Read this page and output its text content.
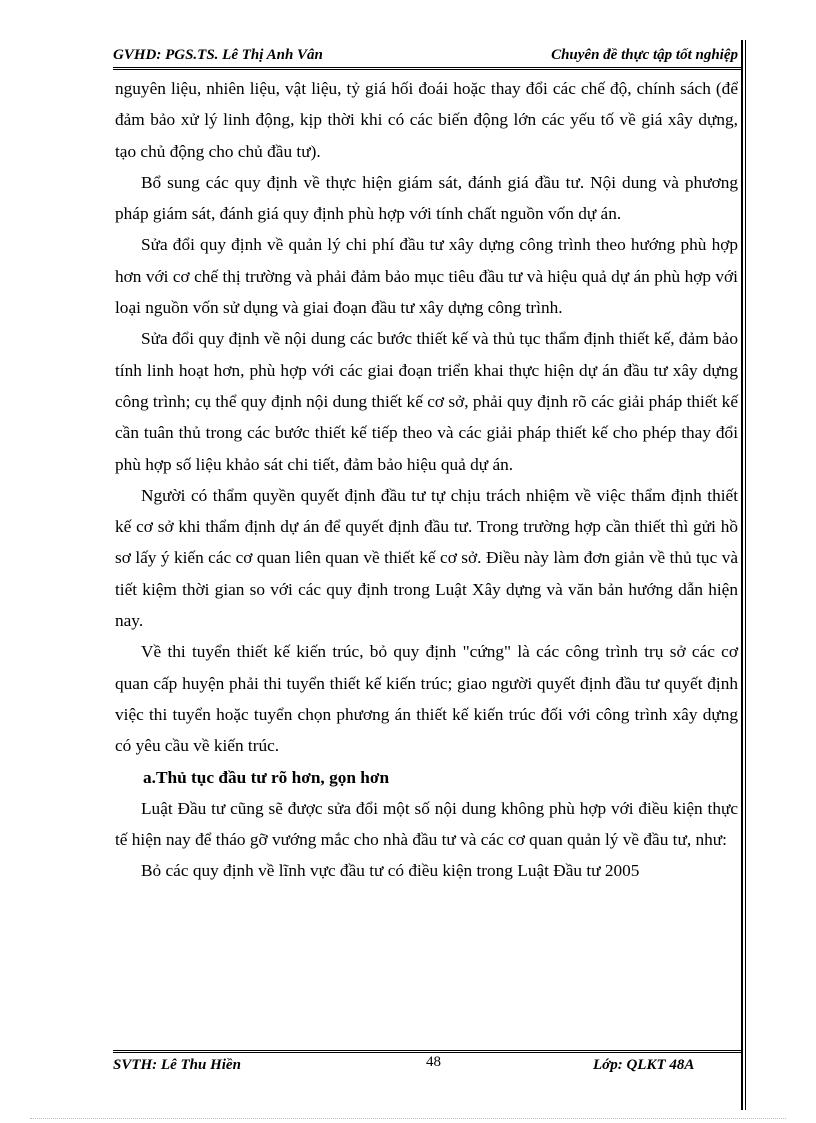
GVHD: PGS.TS. Lê Thị Anh Vân	Chuyên đề thực tập tốt nghiệp

nguyên liệu, nhiên liệu, vật liệu, tỷ giá hối đoái hoặc thay đổi các chế độ, chính sách (để đảm bảo xử lý linh động, kịp thời khi có các biến động lớn các yếu tố về giá xây dựng, tạo chủ động cho chủ đầu tư).

Bổ sung các quy định về thực hiện giám sát, đánh giá đầu tư. Nội dung và phương pháp giám sát, đánh giá quy định phù hợp với tính chất nguồn vốn dự án.

Sửa đổi quy định về quản lý chi phí đầu tư xây dựng công trình theo hướng phù hợp hơn với cơ chế thị trường và phải đảm bảo mục tiêu đầu tư và hiệu quả dự án phù hợp với loại nguồn vốn sử dụng và giai đoạn đầu tư xây dựng công trình.

Sửa đổi quy định về nội dung các bước thiết kế và thủ tục thẩm định thiết kế, đảm bảo tính linh hoạt hơn, phù hợp với các giai đoạn triển khai thực hiện dự án đầu tư xây dựng công trình; cụ thể quy định nội dung thiết kế cơ sở, phải quy định rõ các giải pháp thiết kế cần tuân thủ trong các bước thiết kế tiếp theo và các giải pháp thiết kế cho phép thay đổi phù hợp số liệu khảo sát chi tiết, đảm bảo hiệu quả dự án.

Người có thẩm quyền quyết định đầu tư tự chịu trách nhiệm về việc thẩm định thiết kế cơ sở khi thẩm định dự án để quyết định đầu tư. Trong trường hợp cần thiết thì gửi hồ sơ lấy ý kiến các cơ quan liên quan về thiết kế cơ sở. Điều này làm đơn giản về thủ tục và tiết kiệm thời gian so với các quy định trong Luật Xây dựng và văn bản hướng dẫn hiện nay.

Về thi tuyển thiết kế kiến trúc, bỏ quy định "cứng" là các công trình trụ sở các cơ quan cấp huyện phải thi tuyển thiết kế kiến trúc; giao người quyết định đầu tư quyết định việc thi tuyển hoặc tuyển chọn phương án thiết kế kiến trúc đối với công trình xây dựng có yêu cầu về kiến trúc.

a.Thủ tục đầu tư rõ hơn, gọn hơn

Luật Đầu tư cũng sẽ được sửa đổi một số nội dung không phù hợp với điều kiện thực tế hiện nay để tháo gỡ vướng mắc cho nhà đầu tư và các cơ quan quản lý về đầu tư, như:

Bỏ các quy định về lĩnh vực đầu tư có điều kiện trong Luật Đầu tư 2005

SVTH: Lê Thu Hiền	48	Lớp: QLKT 48A
